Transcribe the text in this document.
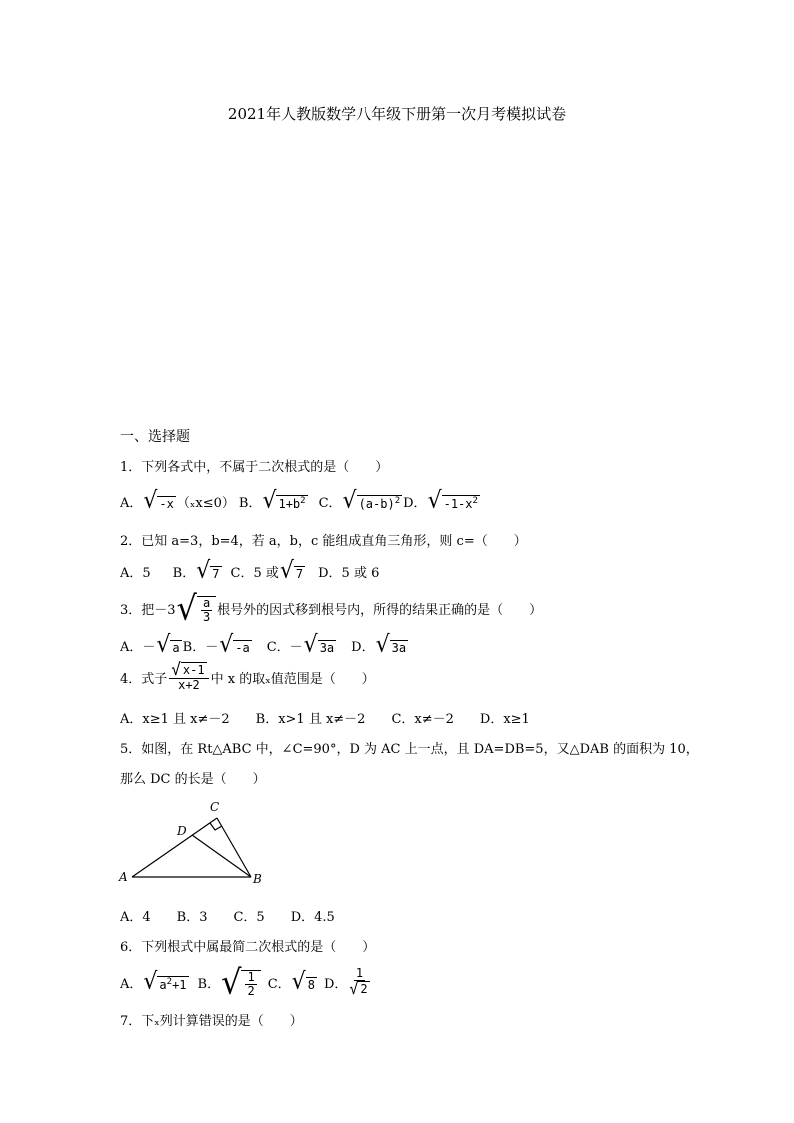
2021年人教版数学八年级下册第一次月考模拟试卷
一、选择题
1．下列各式中，不属于二次根式的是（　　）
A． √ -x （ₓx≤0） B． √ $1+b^2$ C． √ $(a-b)^2$ D． √ $-1-x^2$
2．已知 a=3，b=4，若 a，b，c 能组成直角三角形，则 c=（　　）
A．5 B． √ 7 C．5 或 √ 7 D．5 或 6
3．把－3 √ $\frac{a}{3}$ 根号外的因式移到根号内，所得的结果正确的是（　　）
A．－ √ a B．－ √ -a C．－ √ 3a D． √ 3a
4．式子 $\frac{√ x-1}{x+2}$ 中 x 的取ₓ值范围是（　　）
A．x≥1 且 x≠－2　　B．x>1 且 x≠－2　　C．x≠－2　　D．x≥1
5．如图，在 Rt△ABC 中，∠C=90°，D 为 AC 上一点，且 DA=DB=5，又△DAB 的面积为 10，
那么 DC 的长是（　　）
C
D
A	B
A．4　　B．3　　C．5　　D．4.5
6．下列根式中属最简二次根式的是（　　）
A． √ $a^2+1$ B． √ $\frac{1}{2}$ C． √ 8 D． $\frac{1}{√ 2}$
7．下ₓ列计算错误的是（　　）
